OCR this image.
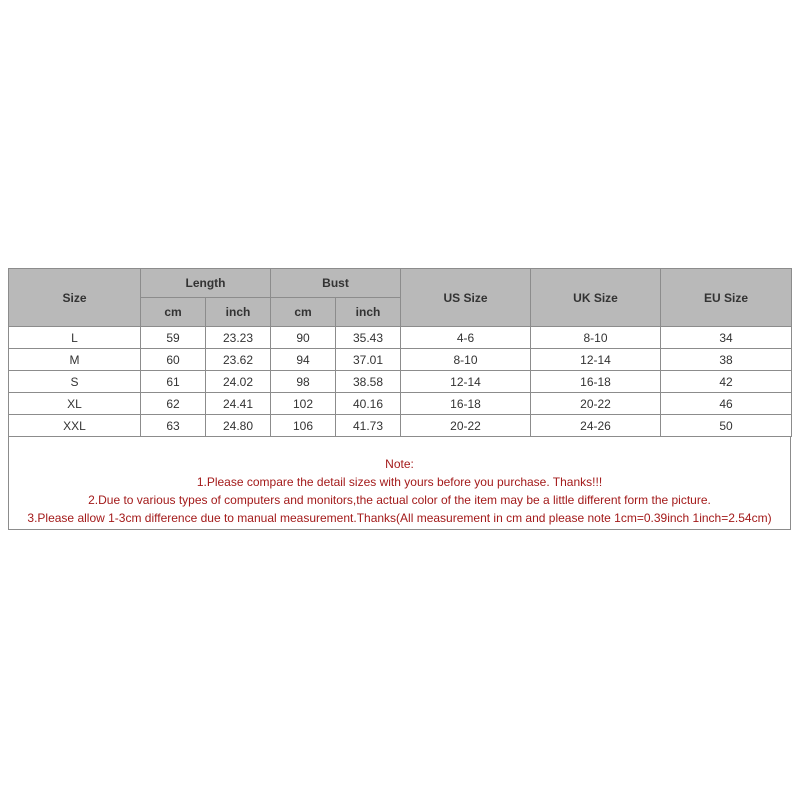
Size	Length		Bust		US Size	UK Size	EU Size
	cm	inch	cm	inch			
L	59	23.23	90	35.43	4-6	8-10	34
M	60	23.62	94	37.01	8-10	12-14	38
S	61	24.02	98	38.58	12-14	16-18	42
XL	62	24.41	102	40.16	16-18	20-22	46
XXL	63	24.80	106	41.73	20-22	24-26	50
Note:
1.Please compare the detail sizes with yours before you purchase. Thanks!!!
2.Due to various types of computers and monitors,the actual color of the item may be a little different form the picture.
3.Please allow 1-3cm difference due to manual measurement.Thanks(All measurement in cm and please note 1cm=0.39inch 1inch=2.54cm)
